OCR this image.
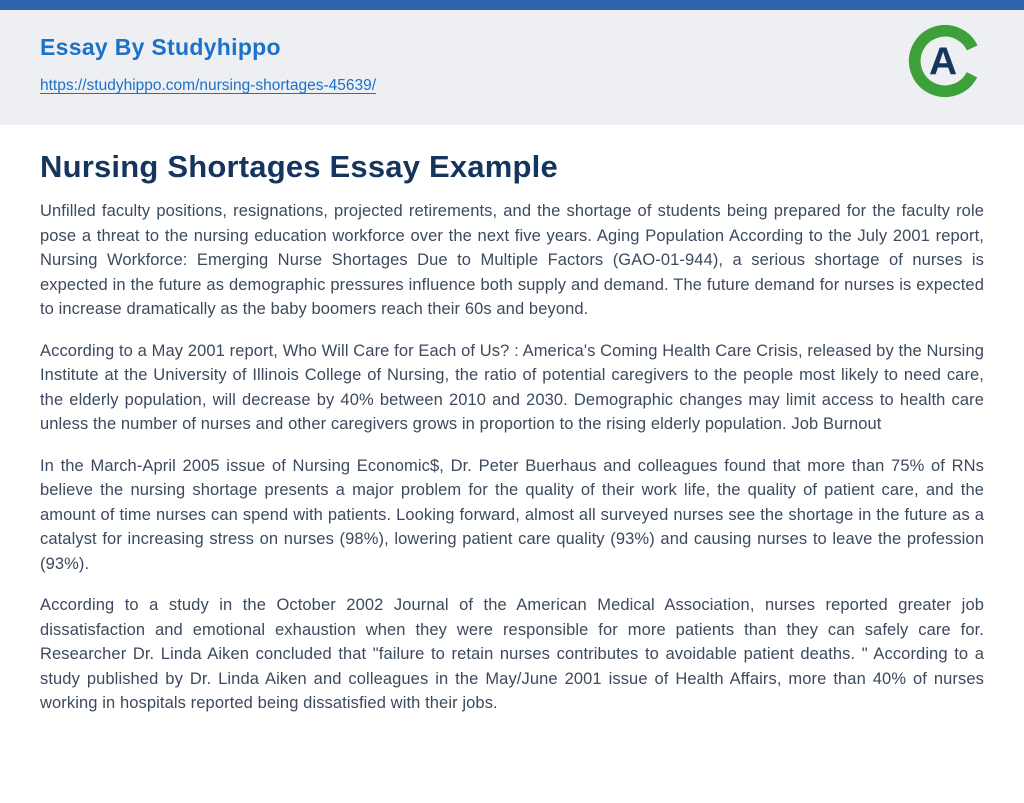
Essay By Studyhippo
https://studyhippo.com/nursing-shortages-45639/
A
Nursing Shortages Essay Example

Unfilled faculty positions, resignations, projected retirements, and the shortage of students being prepared for the faculty role pose a threat to the nursing education workforce over the next five years. Aging Population According to the July 2001 report, Nursing Workforce: Emerging Nurse Shortages Due to Multiple Factors (GAO-01-944), a serious shortage of nurses is expected in the future as demographic pressures influence both supply and demand. The future demand for nurses is expected to increase dramatically as the baby boomers reach their 60s and beyond.

According to a May 2001 report, Who Will Care for Each of Us? : America's Coming Health Care Crisis, released by the Nursing Institute at the University of Illinois College of Nursing, the ratio of potential caregivers to the people most likely to need care, the elderly population, will decrease by 40% between 2010 and 2030. Demographic changes may limit access to health care unless the number of nurses and other caregivers grows in proportion to the rising elderly population. Job Burnout

In the March-April 2005 issue of Nursing Economic$, Dr. Peter Buerhaus and colleagues found that more than 75% of RNs believe the nursing shortage presents a major problem for the quality of their work life, the quality of patient care, and the amount of time nurses can spend with patients. Looking forward, almost all surveyed nurses see the shortage in the future as a catalyst for increasing stress on nurses (98%), lowering patient care quality (93%) and causing nurses to leave the profession (93%).

According to a study in the October 2002 Journal of the American Medical Association, nurses reported greater job dissatisfaction and emotional exhaustion when they were responsible for more patients than they can safely care for. Researcher Dr. Linda Aiken concluded that "failure to retain nurses contributes to avoidable patient deaths. " According to a study published by Dr. Linda Aiken and colleagues in the May/June 2001 issue of Health Affairs, more than 40% of nurses working in hospitals reported being dissatisfied with their jobs.
